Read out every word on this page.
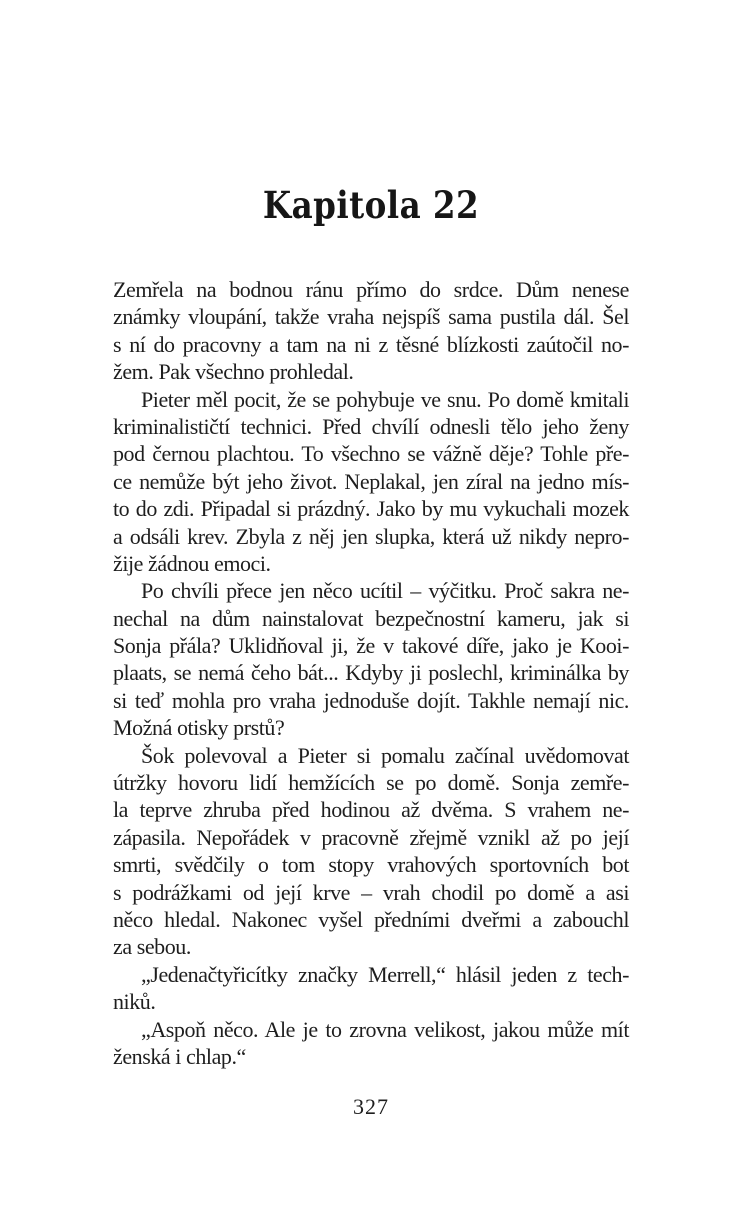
Kapitola 22
Zemřela na bodnou ránu přímo do srdce. Dům nenese
známky vloupání, takže vraha nejspíš sama pustila dál. Šel
s ní do pracovny a tam na ni z těsné blízkosti zaútočil no-
žem. Pak všechno prohledal.
Pieter měl pocit, že se pohybuje ve snu. Po domě kmitali
kriminalističtí technici. Před chvílí odnesli tělo jeho ženy
pod černou plachtou. To všechno se vážně děje? Tohle pře-
ce nemůže být jeho život. Neplakal, jen zíral na jedno mís-
to do zdi. Připadal si prázdný. Jako by mu vykuchali mozek
a odsáli krev. Zbyla z něj jen slupka, která už nikdy nepro-
žije žádnou emoci.
Po chvíli přece jen něco ucítil – výčitku. Proč sakra ne-
nechal na dům nainstalovat bezpečnostní kameru, jak si
Sonja přála? Uklidňoval ji, že v takové díře, jako je Kooi-
plaats, se nemá čeho bát... Kdyby ji poslechl, kriminálka by
si teď mohla pro vraha jednoduše dojít. Takhle nemají nic.
Možná otisky prstů?
Šok polevoval a Pieter si pomalu začínal uvědomovat
útržky hovoru lidí hemžících se po domě. Sonja zemře-
la teprve zhruba před hodinou až dvěma. S vrahem ne-
zápasila. Nepořádek v pracovně zřejmě vznikl až po její
smrti, svědčily o tom stopy vrahových sportovních bot
s podrážkami od její krve – vrah chodil po domě a asi
něco hledal. Nakonec vyšel předními dveřmi a zabouchl
za sebou.
„Jedenačtyřicítky značky Merrell,“ hlásil jeden z tech-
niků.
„Aspoň něco. Ale je to zrovna velikost, jakou může mít
ženská i chlap.“
327
